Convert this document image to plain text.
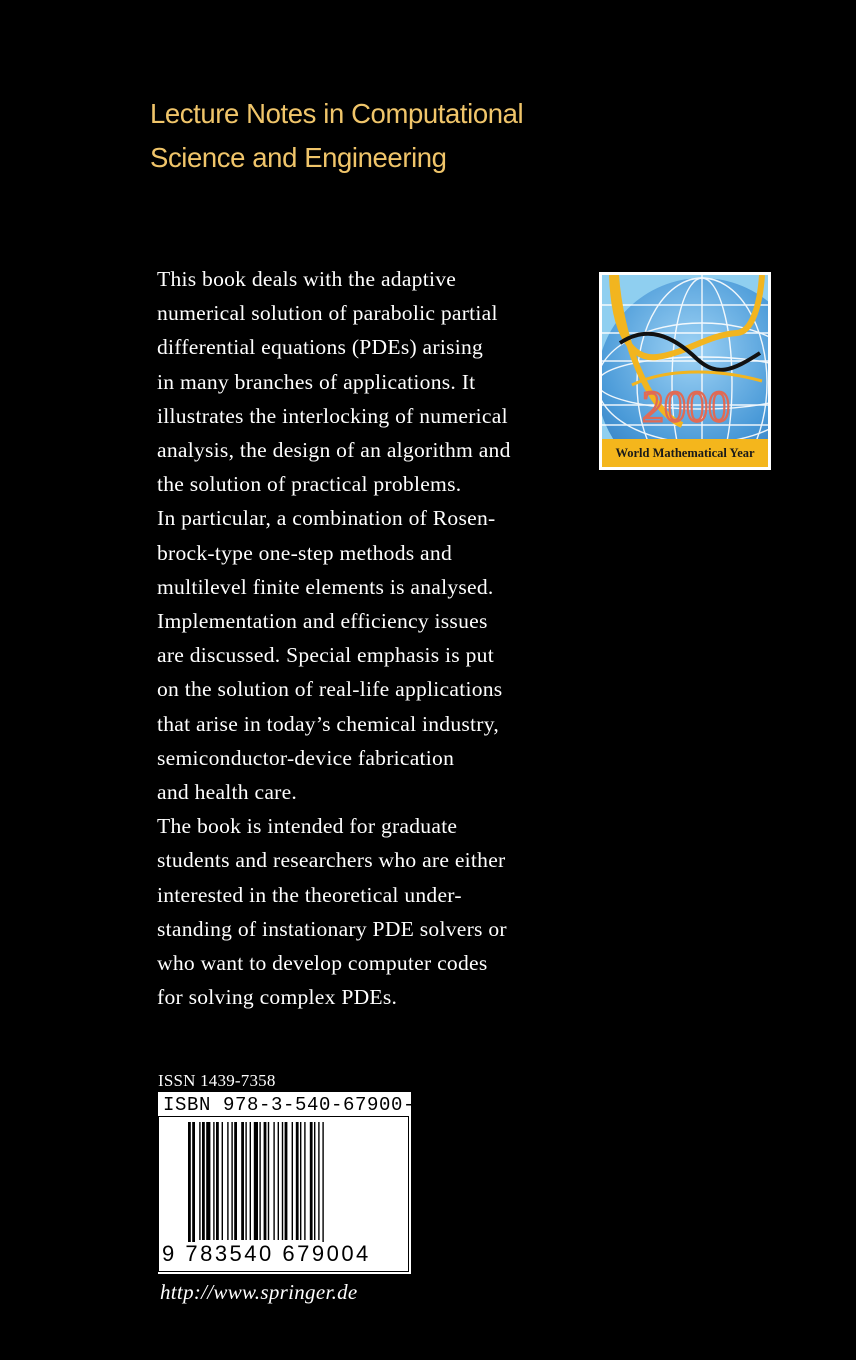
Lecture Notes in Computational
Science and Engineering
This book deals with the adaptive
numerical solution of parabolic partial
differential equations (PDEs) arising
in many branches of applications. It
illustrates the interlocking of numerical
analysis, the design of an algorithm and
the solution of practical problems.
In particular, a combination of Rosen-
brock-type one-step methods and
multilevel finite elements is analysed.
Implementation and efficiency issues
are discussed. Special emphasis is put
on the solution of real-life applications
that arise in today’s chemical industry,
semiconductor-device fabrication
and health care.
The book is intended for graduate
students and researchers who are either
interested in the theoretical under-
standing of instationary PDE solvers or
who want to develop computer codes
for solving complex PDEs.
2000
World Mathematical Year
ISSN 1439-7358
ISBN 978-3-540-67900-4
9 783540 679004
http://www.springer.de
